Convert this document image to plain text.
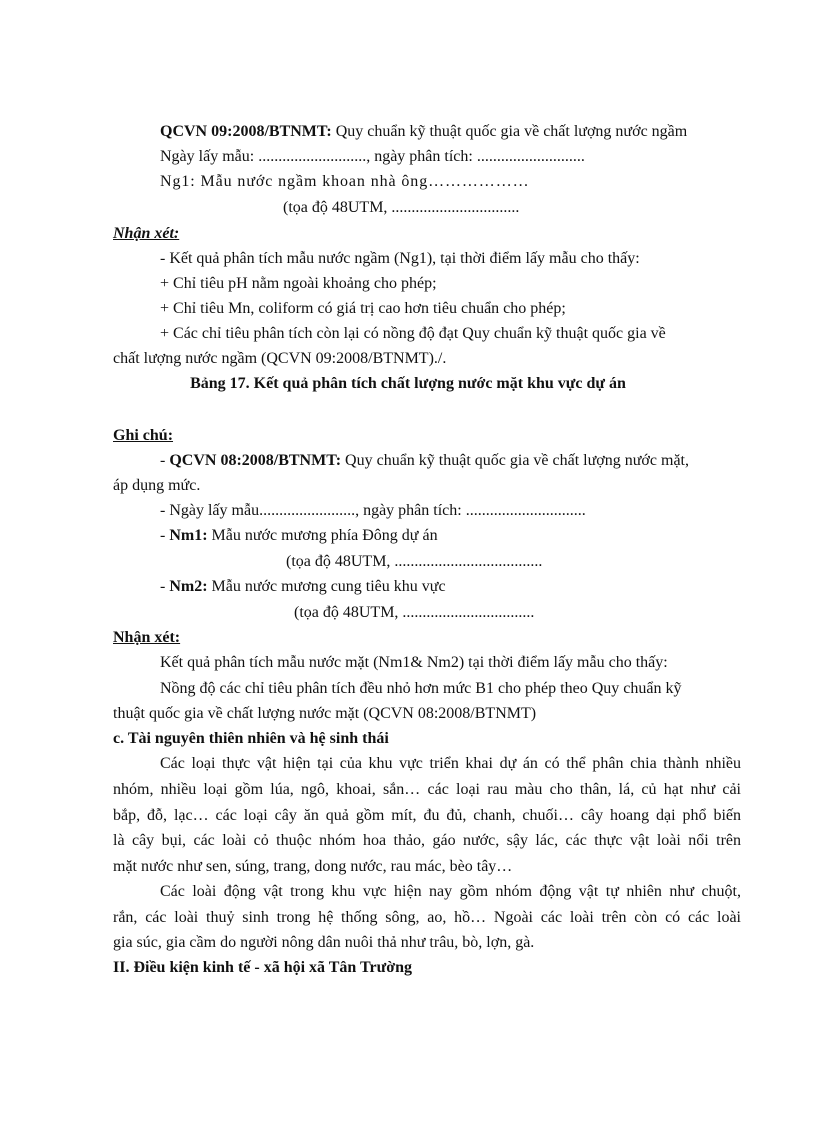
QCVN 09:2008/BTNMT: Quy chuẩn kỹ thuật quốc gia về chất lượng nước ngầm
Ngày lấy mẫu: ..........................., ngày phân tích: ...........................
Ng1: Mẫu nước ngầm khoan nhà ông………………
(tọa độ 48UTM, ................................
Nhận xét:
- Kết quả phân tích mẫu nước ngầm (Ng1), tại thời điểm lấy mẫu cho thấy:
+ Chỉ tiêu pH nằm ngoài khoảng cho phép;
+ Chỉ tiêu Mn, coliform có giá trị cao hơn tiêu chuẩn cho phép;
+ Các chỉ tiêu phân tích còn lại có nồng độ đạt Quy chuẩn kỹ thuật quốc gia về
chất lượng nước ngầm (QCVN 09:2008/BTNMT)./.
Bảng 17. Kết quả phân tích chất lượng nước mặt khu vực dự án
Ghi chú:
- QCVN 08:2008/BTNMT: Quy chuẩn kỹ thuật quốc gia về chất lượng nước mặt,
áp dụng mức.
- Ngày lấy mẫu........................, ngày phân tích: ..............................
- Nm1: Mẫu nước mương phía Đông dự án
(tọa độ 48UTM, .....................................
- Nm2: Mẫu nước mương cung tiêu khu vực
(tọa độ 48UTM, .................................
Nhận xét:
Kết quả phân tích mẫu nước mặt (Nm1& Nm2) tại thời điểm lấy mẫu cho thấy:
Nồng độ các chỉ tiêu phân tích đều nhỏ hơn mức B1 cho phép theo Quy chuẩn kỹ
thuật quốc gia về chất lượng nước mặt (QCVN 08:2008/BTNMT)
c. Tài nguyên thiên nhiên và hệ sinh thái
Các loại thực vật hiện tại của khu vực triển khai dự án có thể phân chia thành nhiều
nhóm, nhiều loại gồm lúa, ngô, khoai, sắn… các loại rau màu cho thân, lá, củ hạt như cải
bắp, đỗ, lạc… các loại cây ăn quả gồm mít, đu đủ, chanh, chuối… cây hoang dại phổ biến
là cây bụi, các loài cỏ thuộc nhóm hoa thảo, gáo nước, sậy lác, các thực vật loài nổi trên
mặt nước như sen, súng, trang, dong nước, rau mác, bèo tây…
Các loài động vật trong khu vực hiện nay gồm nhóm động vật tự nhiên như chuột,
rắn, các loài thuỷ sinh trong hệ thống sông, ao, hồ… Ngoài các loài trên còn có các loài
gia súc, gia cầm do người nông dân nuôi thả như trâu, bò, lợn, gà.
II. Điều kiện kinh tế - xã hội xã Tân Trường
